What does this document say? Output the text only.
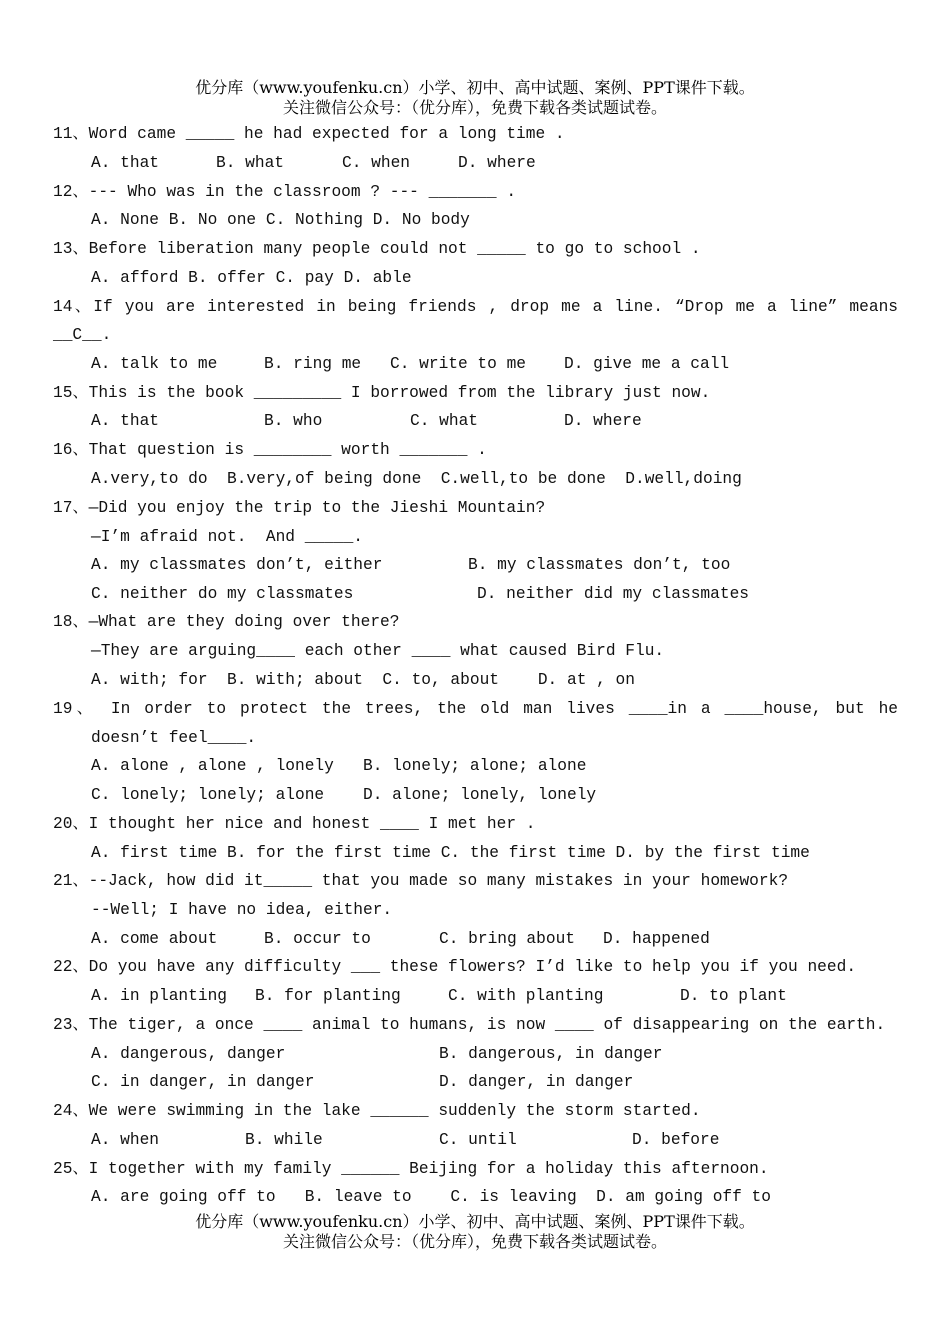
优分库（www.youfenku.cn）小学、初中、高中试题、案例、PPT课件下载。
关注微信公众号：（优分库），免费下载各类试题试卷。
11、Word came _____ he had expected for a long time .
A. that	B. what	C. when	D. where
12、--- Who was in the classroom ? --- _______ .
A. None B. No one C. Nothing D. No body
13、Before liberation many people could not _____ to go to school .
A. afford B. offer C. pay D. able
14、If you are interested in being friends , drop me a line. “Drop me a line” means
__C__.
A. talk to me	B. ring me C. write to me D. give me a call
15、This is the book _________ I borrowed from the library just now.
A. that	B. who	C. what	D. where
16、That question is ________ worth _______ .
A.very,to do  B.very,of being done  C.well,to be done  D.well,doing
17、—Did you enjoy the trip to the Jieshi Mountain?
—I’m afraid not.  And _____.
A. my classmates don’t, either	B. my classmates don’t, too
C. neither do my classmates	D. neither did my classmates
18、—What are they doing over there?
—They are arguing____ each other ____ what caused Bird Flu.
A. with; for  B. with; about  C. to, about    D. at , on
19、 In order to protect the trees, the old man lives ____in a ____house, but he
doesn’t feel____.
A. alone , alone , lonely   B. lonely; alone; alone
C. lonely; lonely; alone    D. alone; lonely, lonely
20、I thought her nice and honest ____ I met her .
A. first time B. for the first time C. the first time D. by the first time
21、--Jack, how did it_____ that you made so many mistakes in your homework?
--Well; I have no idea, either.
A. come about	B. occur to	C. bring about D. happened
22、Do you have any difficulty ___ these flowers? I’d like to help you if you need.
A. in planting B. for planting	C. with planting	D. to plant
23、The tiger, a once ____ animal to humans, is now ____ of disappearing on the earth.
A. dangerous, danger	B. dangerous, in danger
C. in danger, in danger	D. danger, in danger
24、We were swimming in the lake ______ suddenly the storm started.
A. when	B. while	C. until	D. before
25、I together with my family ______ Beijing for a holiday this afternoon.
A. are going off to   B. leave to    C. is leaving  D. am going off to
优分库（www.youfenku.cn）小学、初中、高中试题、案例、PPT课件下载。
关注微信公众号：（优分库），免费下载各类试题试卷。
